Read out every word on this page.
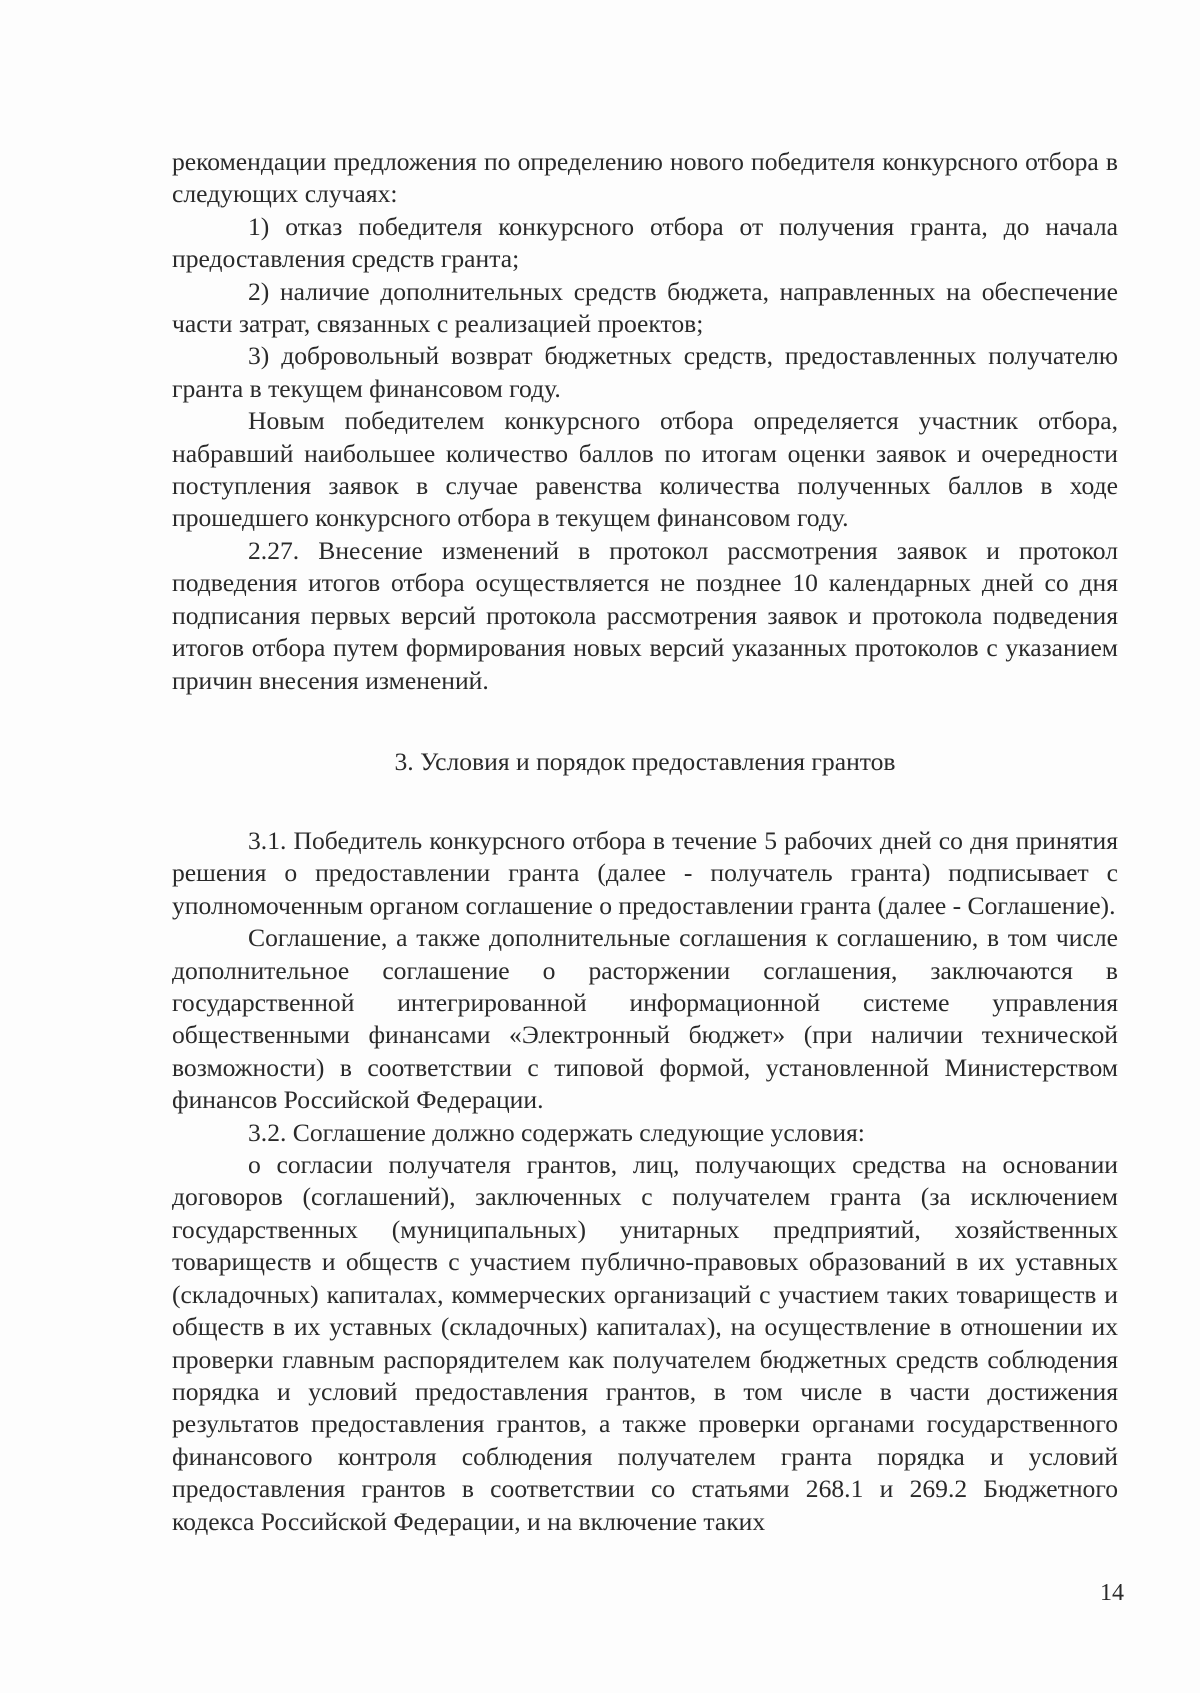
рекомендации предложения по определению нового победителя конкурсного отбора в следующих случаях:

1) отказ победителя конкурсного отбора от получения гранта, до начала предоставления средств гранта;

2) наличие дополнительных средств бюджета, направленных на обеспечение части затрат, связанных с реализацией проектов;

3) добровольный возврат бюджетных средств, предоставленных получателю гранта в текущем финансовом году.

Новым победителем конкурсного отбора определяется участник отбора, набравший наибольшее количество баллов по итогам оценки заявок и очередности поступления заявок в случае равенства количества полученных баллов в ходе прошедшего конкурсного отбора в текущем финансовом году.

2.27. Внесение изменений в протокол рассмотрения заявок и протокол подведения итогов отбора осуществляется не позднее 10 календарных дней со дня подписания первых версий протокола рассмотрения заявок и протокола подведения итогов отбора путем формирования новых версий указанных протоколов с указанием причин внесения изменений.

3. Условия и порядок предоставления грантов

3.1. Победитель конкурсного отбора в течение 5 рабочих дней со дня принятия решения о предоставлении гранта (далее - получатель гранта) подписывает с уполномоченным органом соглашение о предоставлении гранта (далее - Соглашение).

Соглашение, а также дополнительные соглашения к соглашению, в том числе дополнительное соглашение о расторжении соглашения, заключаются в государственной интегрированной информационной системе управления общественными финансами «Электронный бюджет» (при наличии технической возможности) в соответствии с типовой формой, установленной Министерством финансов Российской Федерации.

3.2. Соглашение должно содержать следующие условия:

о согласии получателя грантов, лиц, получающих средства на основании договоров (соглашений), заключенных с получателем гранта (за исключением государственных (муниципальных) унитарных предприятий, хозяйственных товариществ и обществ с участием публично-правовых образований в их уставных (складочных) капиталах, коммерческих организаций с участием таких товариществ и обществ в их уставных (складочных) капиталах), на осуществление в отношении их проверки главным распорядителем как получателем бюджетных средств соблюдения порядка и условий предоставления грантов, в том числе в части достижения результатов предоставления грантов, а также проверки органами государственного финансового контроля соблюдения получателем гранта порядка и условий предоставления грантов в соответствии со статьями 268.1 и 269.2 Бюджетного кодекса Российской Федерации, и на включение таких

14
